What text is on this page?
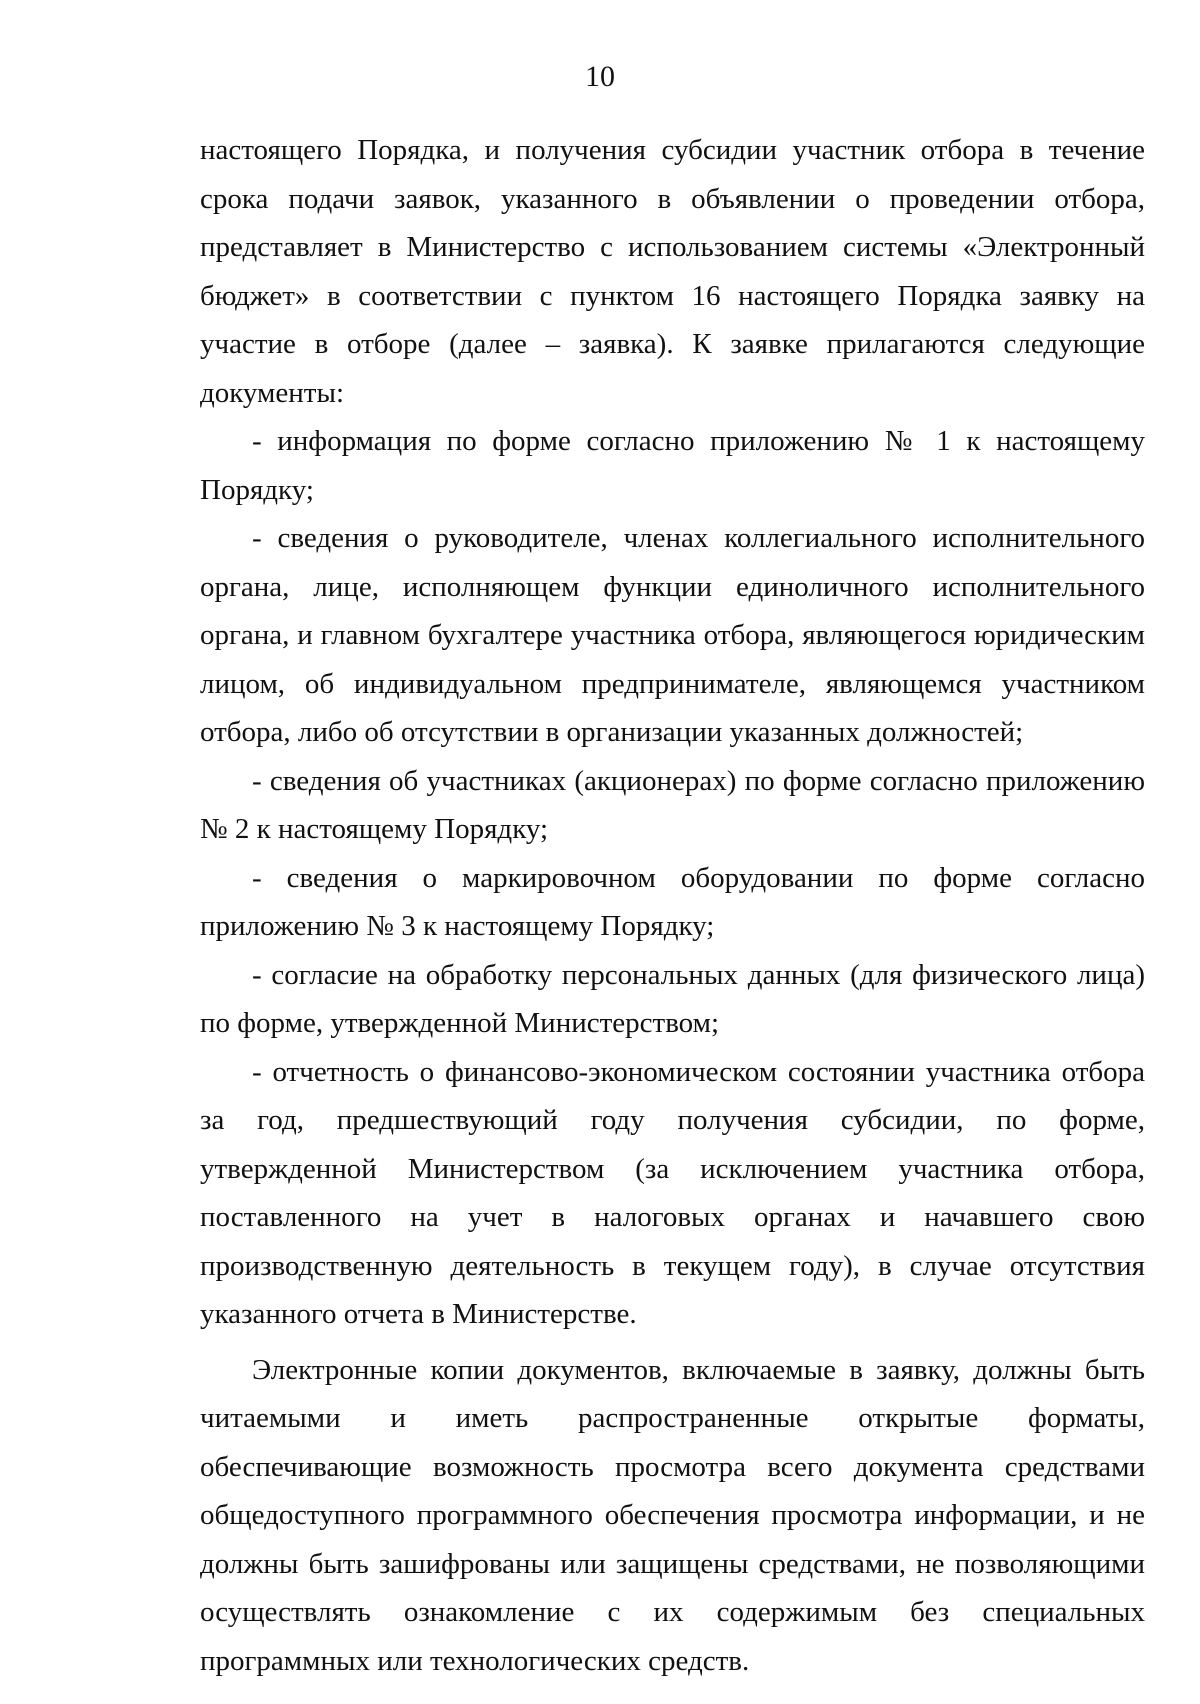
10

настоящего Порядка, и получения субсидии участник отбора в течение срока подачи заявок, указанного в объявлении о проведении отбора, представляет в Министерство с использованием системы «Электронный бюджет» в соответствии с пунктом 16 настоящего Порядка заявку на участие в отборе (далее – заявка). К заявке прилагаются следующие документы:

- информация по форме согласно приложению № 1 к настоящему Порядку;

- сведения о руководителе, членах коллегиального исполнительного органа, лице, исполняющем функции единоличного исполнительного органа, и главном бухгалтере участника отбора, являющегося юридическим лицом, об индивидуальном предпринимателе, являющемся участником отбора, либо об отсутствии в организации указанных должностей;

- сведения об участниках (акционерах) по форме согласно приложению № 2 к настоящему Порядку;

- сведения о маркировочном оборудовании по форме согласно приложению № 3 к настоящему Порядку;

- согласие на обработку персональных данных (для физического лица) по форме, утвержденной Министерством;

- отчетность о финансово-экономическом состоянии участника отбора за год, предшествующий году получения субсидии, по форме, утвержденной Министерством (за исключением участника отбора, поставленного на учет в налоговых органах и начавшего свою производственную деятельность в текущем году), в случае отсутствия указанного отчета в Министерстве.

Электронные копии документов, включаемые в заявку, должны быть читаемыми и иметь распространенные открытые форматы, обеспечивающие возможность просмотра всего документа средствами общедоступного программного обеспечения просмотра информации, и не должны быть зашифрованы или защищены средствами, не позволяющими осуществлять ознакомление с их содержимым без специальных программных или технологических средств.
